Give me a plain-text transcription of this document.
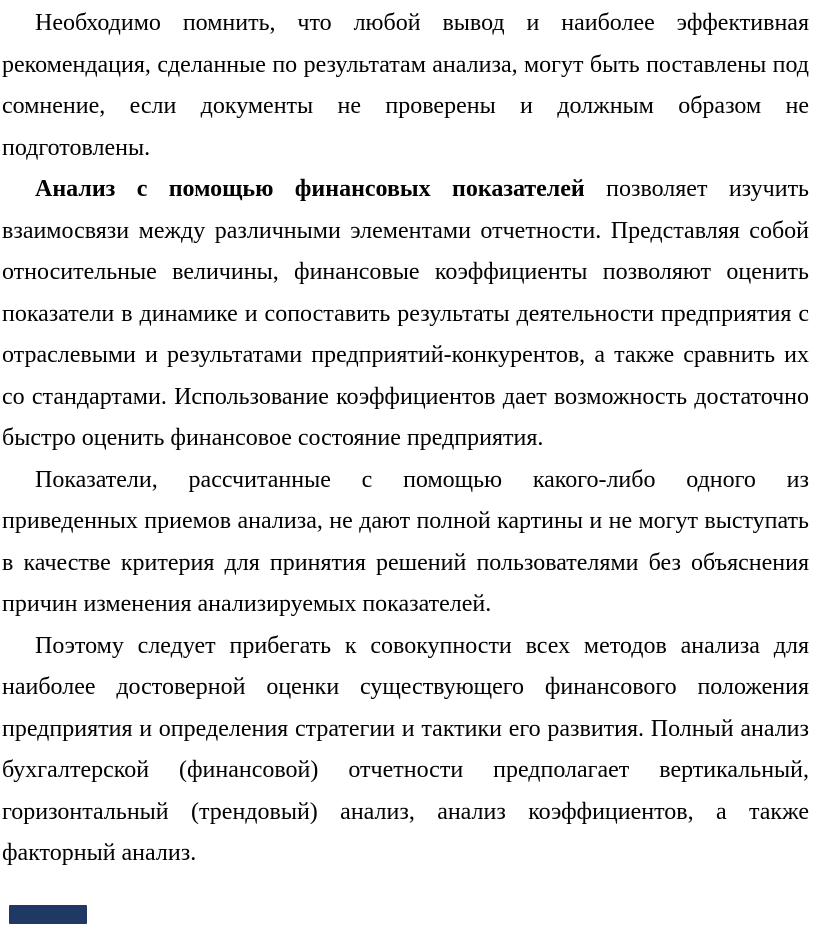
Необходимо помнить, что любой вывод и наиболее эффективная
рекомендация, сделанные по результатам анализа, могут быть поставлены под
сомнение, если документы не проверены и должным образом не
подготовлены.
Анализ с помощью финансовых показателей позволяет изучить
взаимосвязи между различными элементами отчетности. Представляя собой
относительные величины, финансовые коэффициенты позволяют оценить
показатели в динамике и сопоставить результаты деятельности предприятия с
отраслевыми и результатами предприятий-конкурентов, а также сравнить их
со стандартами. Использование коэффициентов дает возможность достаточно
быстро оценить финансовое состояние предприятия.
Показатели, рассчитанные с помощью какого-либо одного из
приведенных приемов анализа, не дают полной картины и не могут выступать
в качестве критерия для принятия решений пользователями без объяснения
причин изменения анализируемых показателей.
Поэтому следует прибегать к совокупности всех методов анализа для
наиболее достоверной оценки существующего финансового положения
предприятия и определения стратегии и тактики его развития. Полный анализ
бухгалтерской (финансовой) отчетности предполагает вертикальный,
горизонтальный (трендовый) анализ, анализ коэффициентов, а также
факторный анализ.
